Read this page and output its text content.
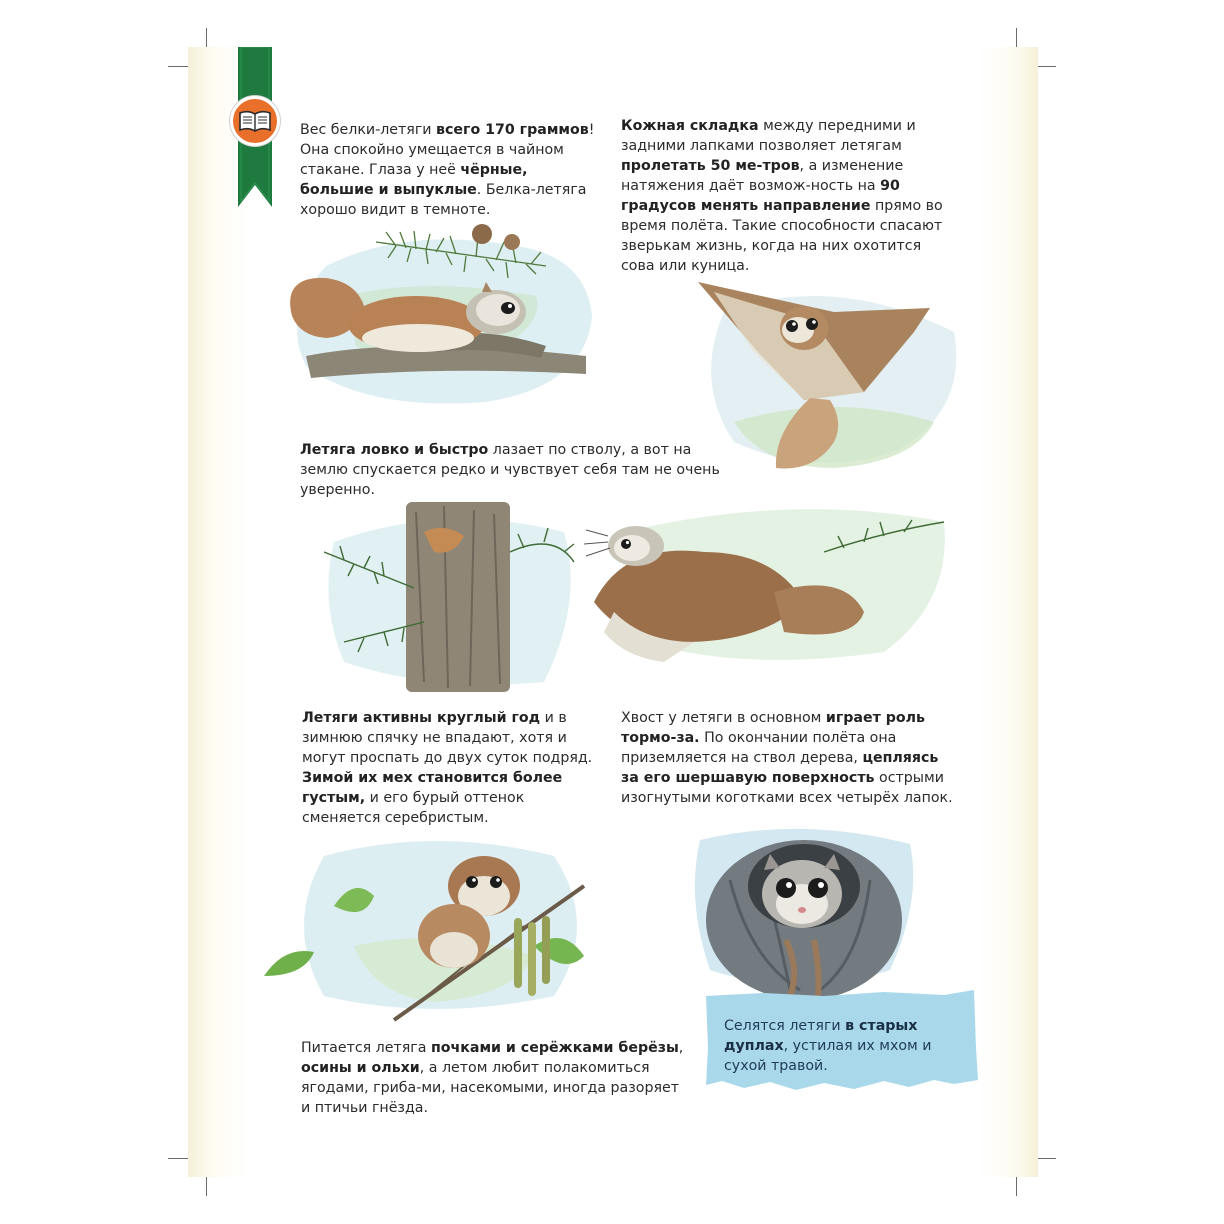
Вес белки-летяги всего 170 граммов! Она спокойно умещается в чайном стакане. Глаза у неё чёрные, большие и выпуклые. Белка-летяга хорошо видит в темноте.
Кожная складка между передними и задними лапками позволяет летягам пролетать 50 ме-тров, а изменение натяжения даёт возмож-ность на 90 градусов менять направление прямо во время полёта. Такие способности спасают зверькам жизнь, когда на них охотится сова или куница.
Летяга ловко и быстро лазает по стволу, а вот на землю спускается редко и чувствует себя там не очень уверенно.
Летяги активны круглый год и в зимнюю спячку не впадают, хотя и могут проспать до двух суток подряд. Зимой их мех становится более густым, и его бурый оттенок сменяется серебристым.
Хвост у летяги в основном играет роль тормо-за. По окончании полёта она приземляется на ствол дерева, цепляясь за его шершавую поверхность острыми изогнутыми коготками всех четырёх лапок.
Питается летяга почками и серёжками берёзы, осины и ольхи, а летом любит полакомиться ягодами, гриба-ми, насекомыми, иногда разоряет и птичьи гнёзда.
Селятся летяги в старых дуплах, устилая их мхом и сухой травой.
